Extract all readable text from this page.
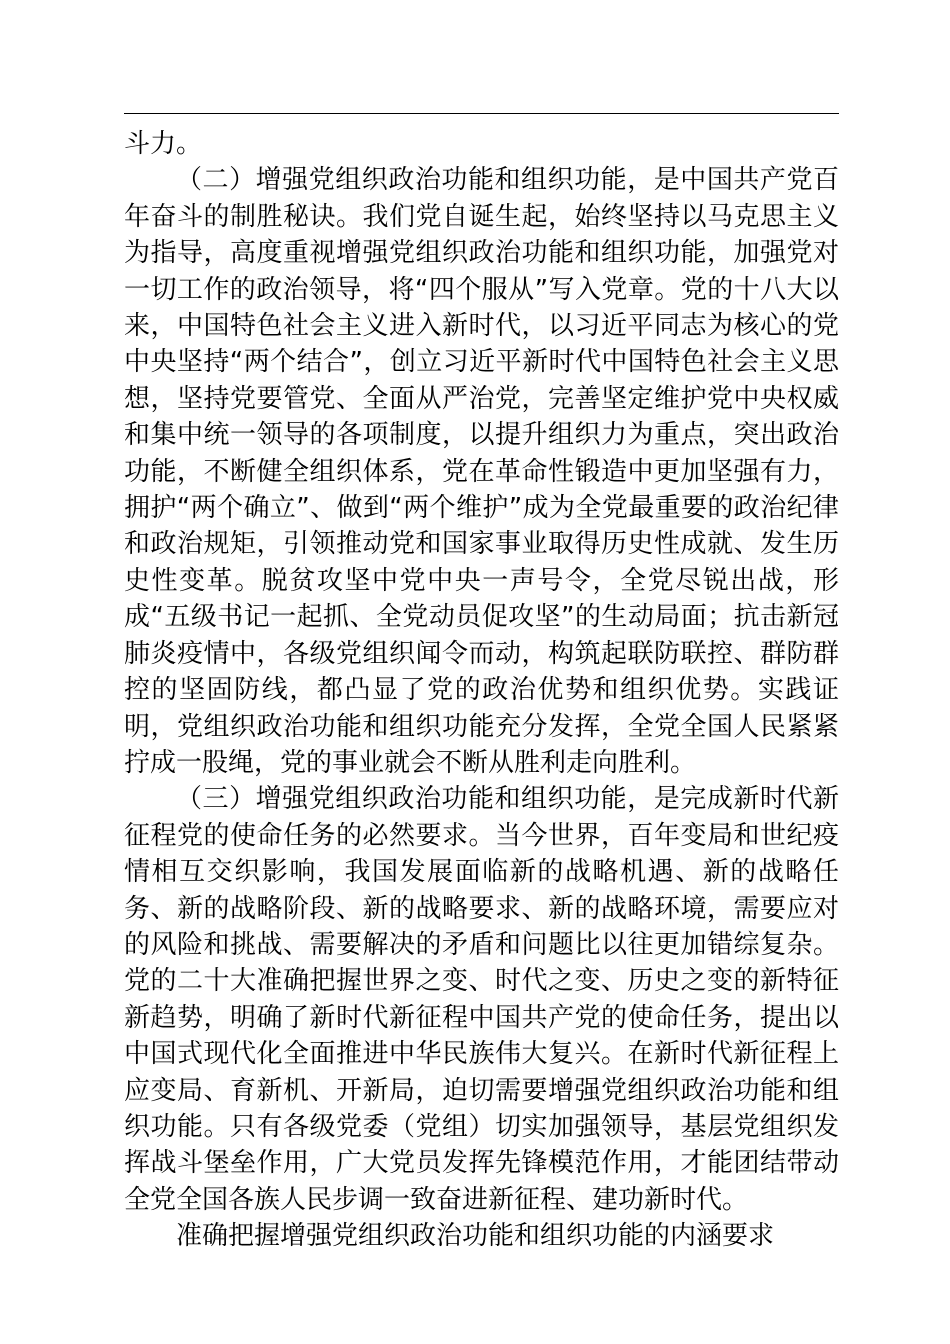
斗力。

（二）增强党组织政治功能和组织功能，是中国共产党百年奋斗的制胜秘诀。我们党自诞生起，始终坚持以马克思主义为指导，高度重视增强党组织政治功能和组织功能，加强党对一切工作的政治领导，将“四个服从”写入党章。党的十八大以来，中国特色社会主义进入新时代，以习近平同志为核心的党中央坚持“两个结合”，创立习近平新时代中国特色社会主义思想，坚持党要管党、全面从严治党，完善坚定维护党中央权威和集中统一领导的各项制度，以提升组织力为重点，突出政治功能，不断健全组织体系，党在革命性锻造中更加坚强有力，拥护“两个确立”、做到“两个维护”成为全党最重要的政治纪律和政治规矩，引领推动党和国家事业取得历史性成就、发生历史性变革。脱贫攻坚中党中央一声号令，全党尽锐出战，形成“五级书记一起抓、全党动员促攻坚”的生动局面；抗击新冠肺炎疫情中，各级党组织闻令而动，构筑起联防联控、群防群控的坚固防线，都凸显了党的政治优势和组织优势。实践证明，党组织政治功能和组织功能充分发挥，全党全国人民紧紧拧成一股绳，党的事业就会不断从胜利走向胜利。

（三）增强党组织政治功能和组织功能，是完成新时代新征程党的使命任务的必然要求。当今世界，百年变局和世纪疫情相互交织影响，我国发展面临新的战略机遇、新的战略任务、新的战略阶段、新的战略要求、新的战略环境，需要应对的风险和挑战、需要解决的矛盾和问题比以往更加错综复杂。党的二十大准确把握世界之变、时代之变、历史之变的新特征新趋势，明确了新时代新征程中国共产党的使命任务，提出以中国式现代化全面推进中华民族伟大复兴。在新时代新征程上应变局、育新机、开新局，迫切需要增强党组织政治功能和组织功能。只有各级党委（党组）切实加强领导，基层党组织发挥战斗堡垒作用，广大党员发挥先锋模范作用，才能团结带动全党全国各族人民步调一致奋进新征程、建功新时代。

准确把握增强党组织政治功能和组织功能的内涵要求
